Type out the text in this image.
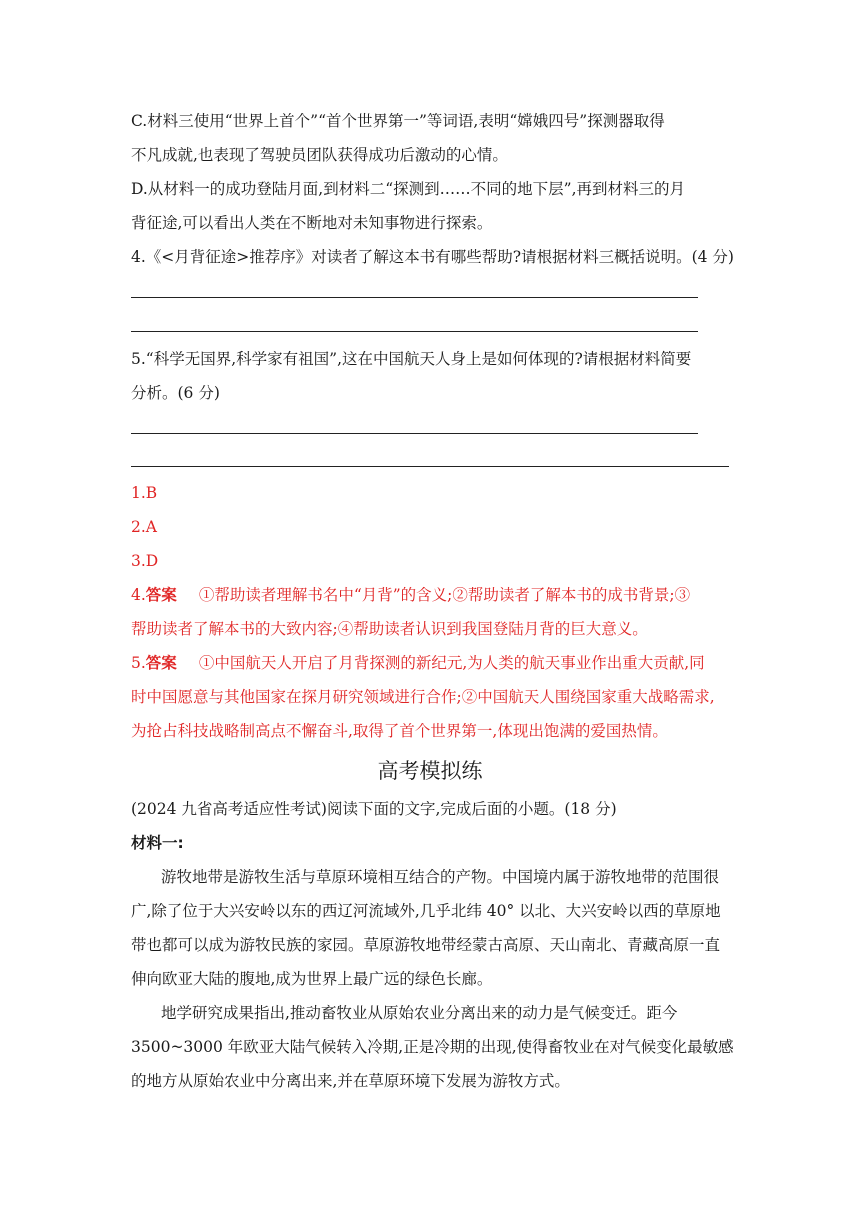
C.材料三使用“世界上首个”“首个世界第一”等词语,表明“嫦娥四号”探测器取得
不凡成就,也表现了驾驶员团队获得成功后激动的心情。
D.从材料一的成功登陆月面,到材料二“探测到……不同的地下层”,再到材料三的月
背征途,可以看出人类在不断地对未知事物进行探索。
4.《<月背征途>推荐序》对读者了解这本书有哪些帮助?请根据材料三概括说明。(4 分)
5.“科学无国界,科学家有祖国”,这在中国航天人身上是如何体现的?请根据材料简要
分析。(6 分)
1.B
2.A
3.D
4.答案 ①帮助读者理解书名中“月背”的含义;②帮助读者了解本书的成书背景;③
帮助读者了解本书的大致内容;④帮助读者认识到我国登陆月背的巨大意义。
5.答案 ①中国航天人开启了月背探测的新纪元,为人类的航天事业作出重大贡献,同
时中国愿意与其他国家在探月研究领域进行合作;②中国航天人围绕国家重大战略需求,
为抢占科技战略制高点不懈奋斗,取得了首个世界第一,体现出饱满的爱国热情。
高考模拟练
(2024 九省高考适应性考试)阅读下面的文字,完成后面的小题。(18 分)
材料一:
游牧地带是游牧生活与草原环境相互结合的产物。中国境内属于游牧地带的范围很
广,除了位于大兴安岭以东的西辽河流域外,几乎北纬 40° 以北、大兴安岭以西的草原地
带也都可以成为游牧民族的家园。草原游牧地带经蒙古高原、天山南北、青藏高原一直
伸向欧亚大陆的腹地,成为世界上最广远的绿色长廊。
地学研究成果指出,推动畜牧业从原始农业分离出来的动力是气候变迁。距今
3500~3000 年欧亚大陆气候转入冷期,正是冷期的出现,使得畜牧业在对气候变化最敏感
的地方从原始农业中分离出来,并在草原环境下发展为游牧方式。
